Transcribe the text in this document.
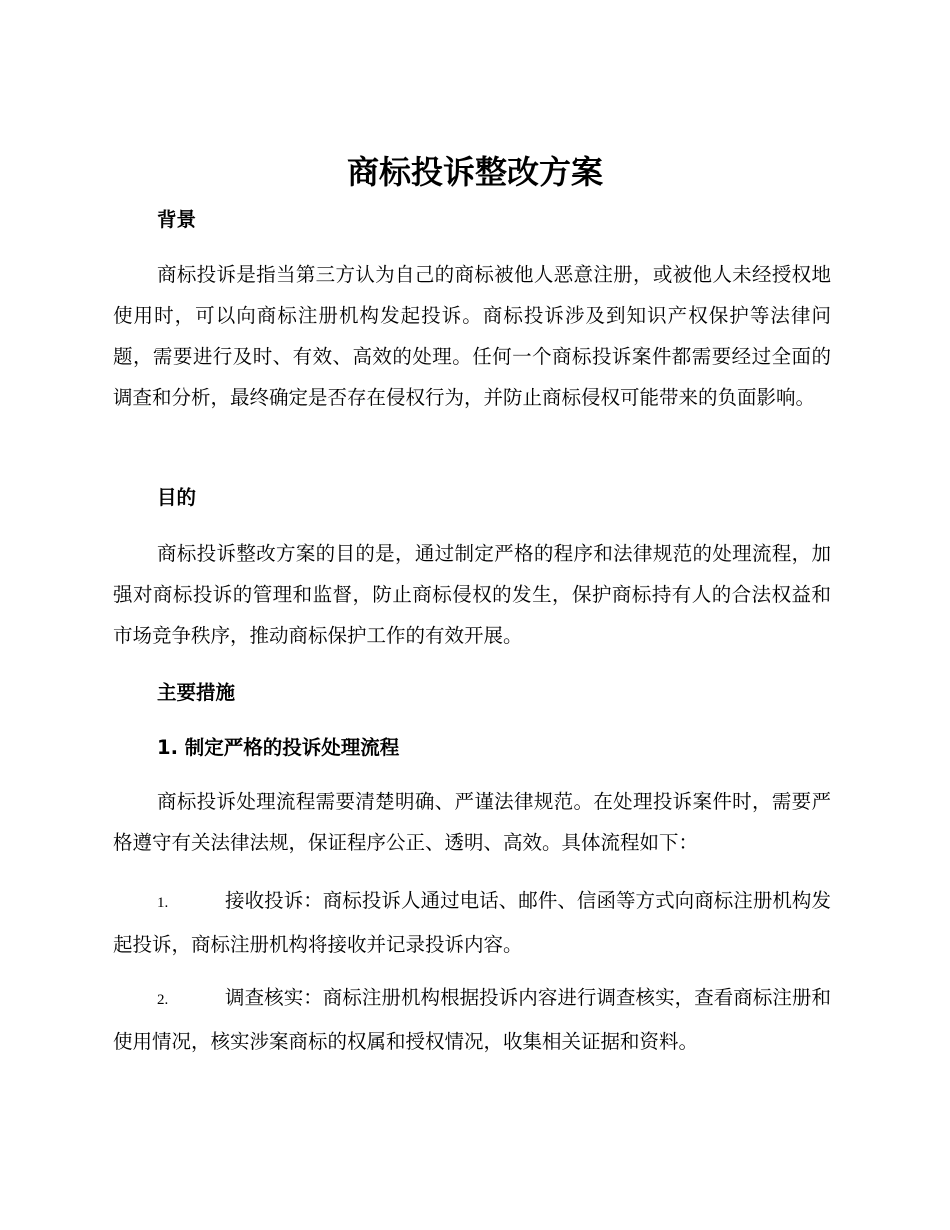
商标投诉整改方案
背景

商标投诉是指当第三方认为自己的商标被他人恶意注册，或被他人未经授权地使用时，可以向商标注册机构发起投诉。商标投诉涉及到知识产权保护等法律问题，需要进行及时、有效、高效的处理。任何一个商标投诉案件都需要经过全面的调查和分析，最终确定是否存在侵权行为，并防止商标侵权可能带来的负面影响。

目的

商标投诉整改方案的目的是，通过制定严格的程序和法律规范的处理流程，加强对商标投诉的管理和监督，防止商标侵权的发生，保护商标持有人的合法权益和市场竞争秩序，推动商标保护工作的有效开展。

主要措施
1. 制定严格的投诉处理流程

商标投诉处理流程需要清楚明确、严谨法律规范。在处理投诉案件时，需要严格遵守有关法律法规，保证程序公正、透明、高效。具体流程如下：

1.	接收投诉：商标投诉人通过电话、邮件、信函等方式向商标注册机构发起投诉，商标注册机构将接收并记录投诉内容。

2.	调查核实：商标注册机构根据投诉内容进行调查核实，查看商标注册和使用情况，核实涉案商标的权属和授权情况，收集相关证据和资料。
